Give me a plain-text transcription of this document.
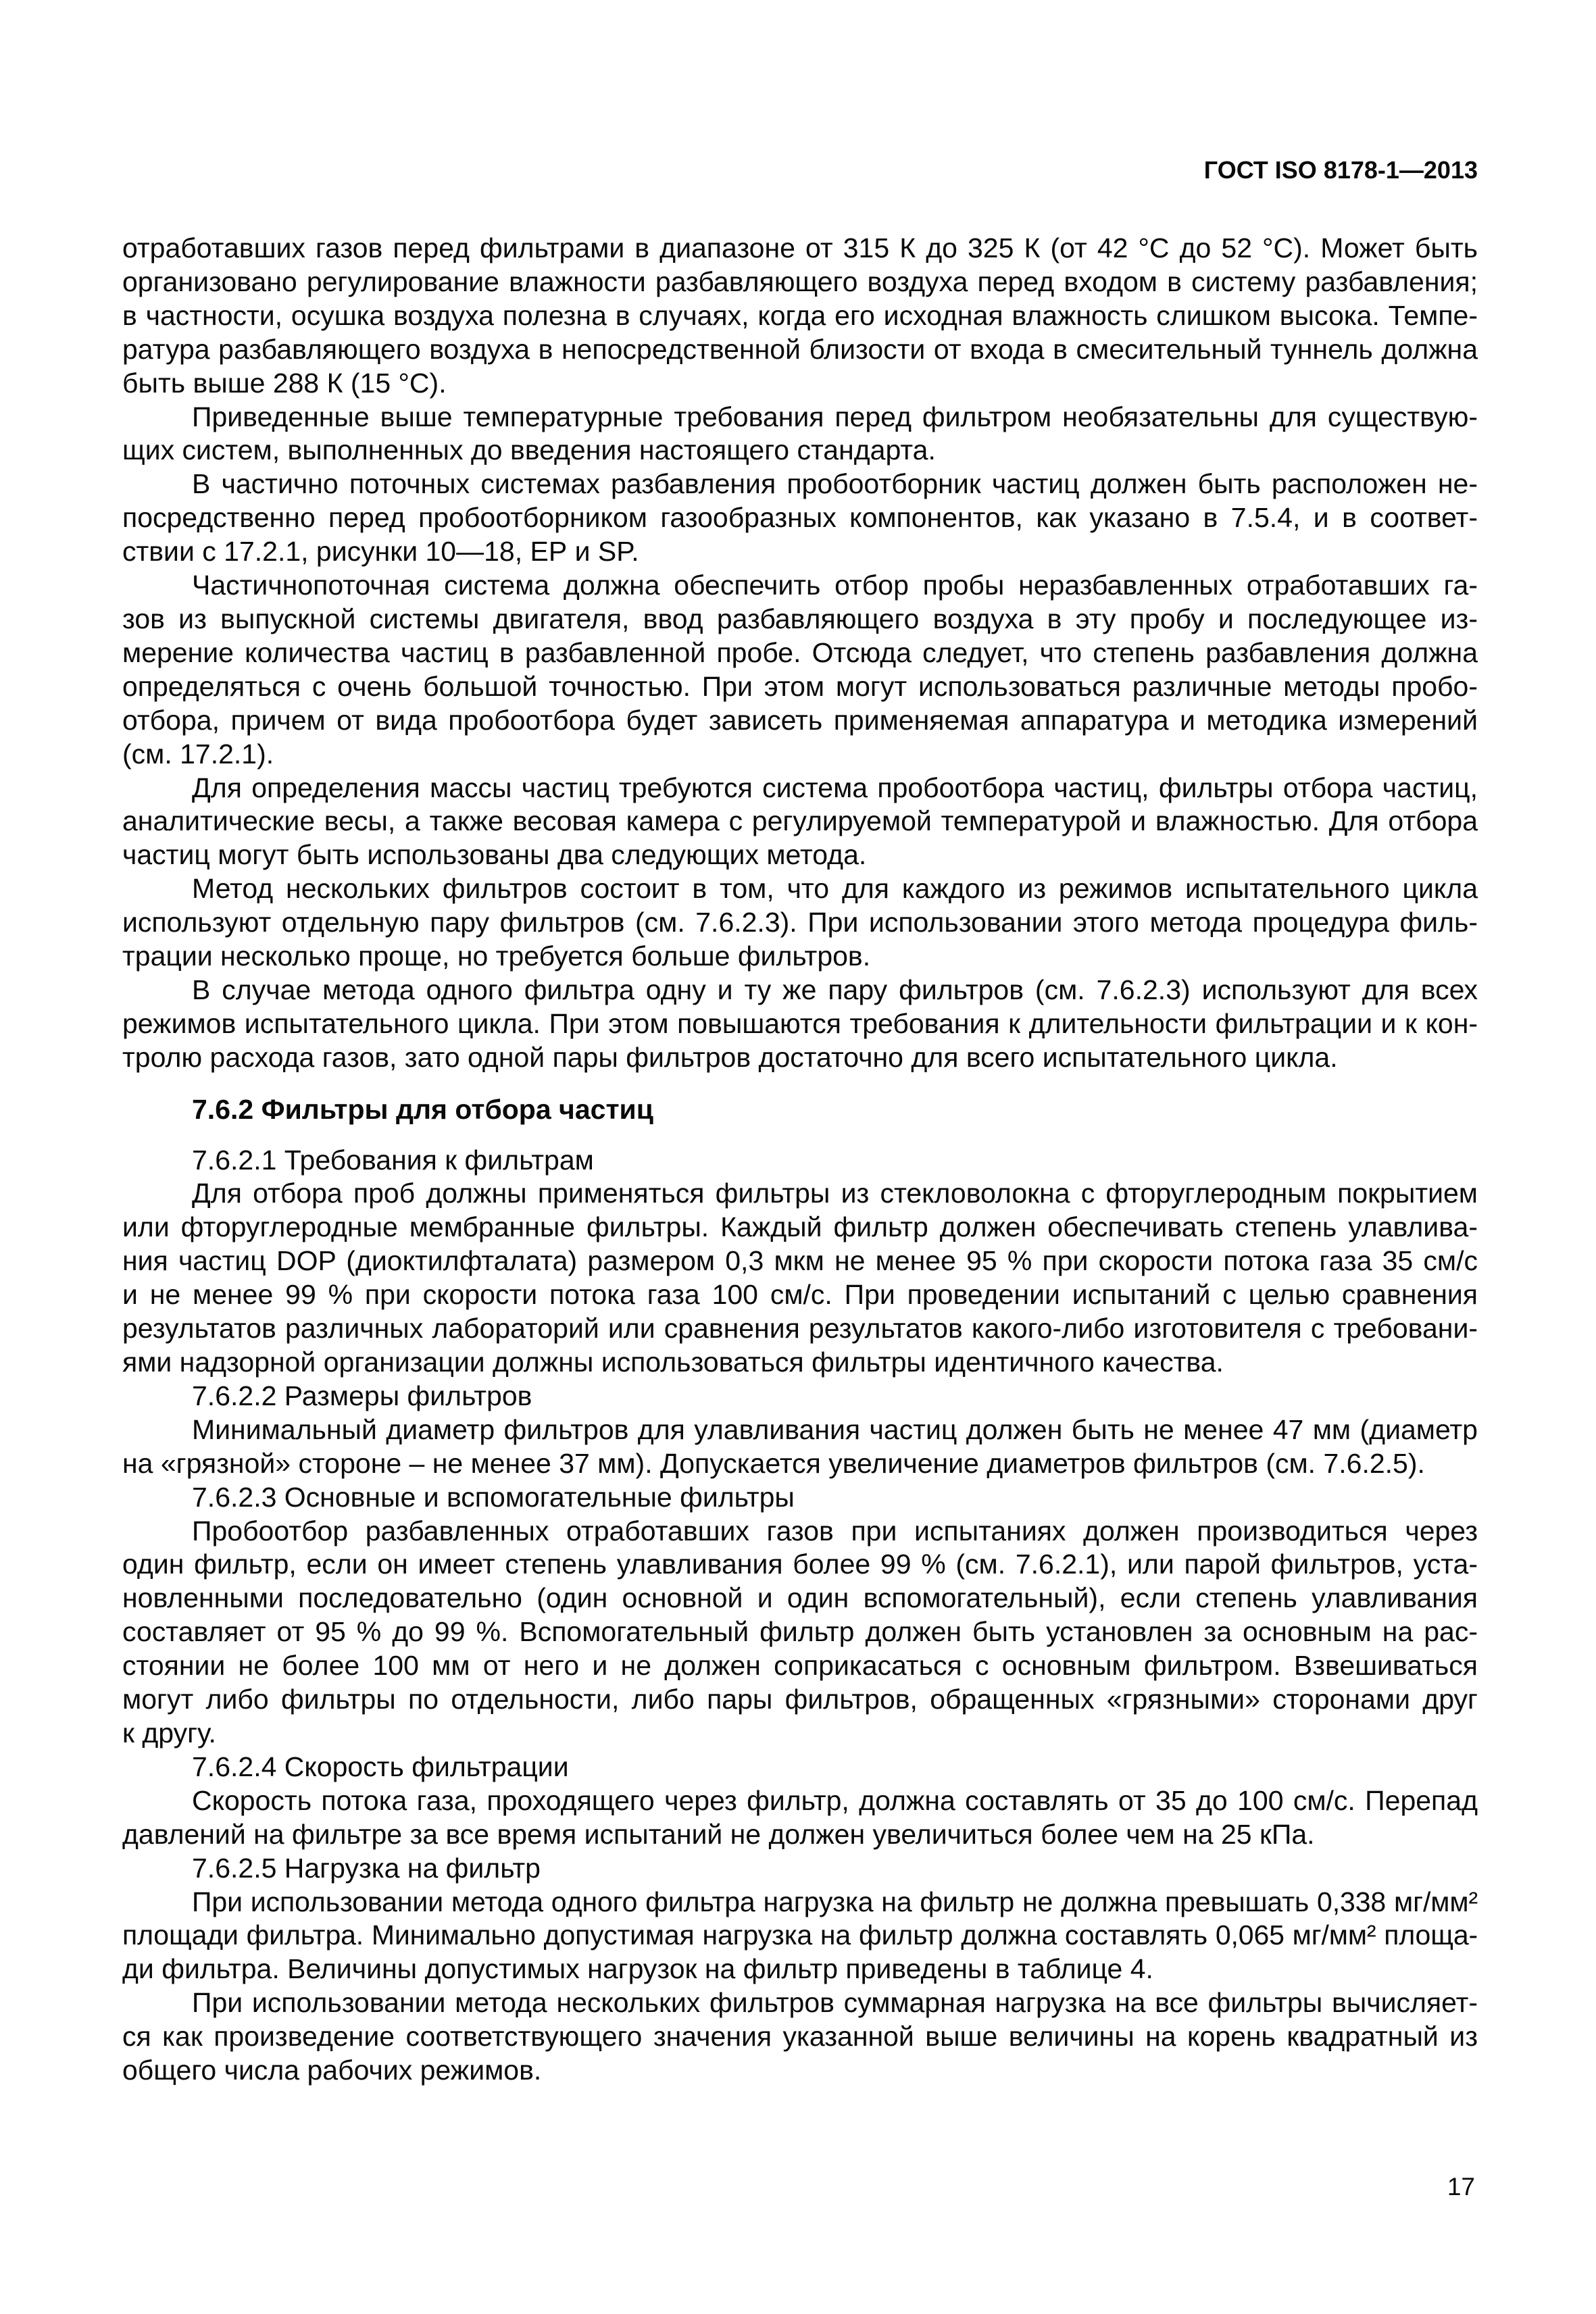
ГОСТ ISO 8178-1—2013
отработавших газов перед фильтрами в диапазоне от 315 К до 325 К (от 42 °С до 52 °С). Может быть
организовано регулирование влажности разбавляющего воздуха перед входом в систему разбавления;
в частности, осушка воздуха полезна в случаях, когда его исходная влажность слишком высока. Темпе-
ратура разбавляющего воздуха в непосредственной близости от входа в смесительный туннель должна
быть выше 288 К (15 °С).
Приведенные выше температурные требования перед фильтром необязательны для существую-
щих систем, выполненных до введения настоящего стандарта.
В частично поточных системах разбавления пробоотборник частиц должен быть расположен не-
посредственно перед пробоотборником газообразных компонентов, как указано в 7.5.4, и в соответ-
ствии с 17.2.1, рисунки 10—18, ЕР и SP.
Частичнопоточная система должна обеспечить отбор пробы неразбавленных отработавших га-
зов из выпускной системы двигателя, ввод разбавляющего воздуха в эту пробу и последующее из-
мерение количества частиц в разбавленной пробе. Отсюда следует, что степень разбавления должна
определяться с очень большой точностью. При этом могут использоваться различные методы пробо-
отбора, причем от вида пробоотбора будет зависеть применяемая аппаратура и методика измерений
(см. 17.2.1).
Для определения массы частиц требуются система пробоотбора частиц, фильтры отбора частиц,
аналитические весы, а также весовая камера с регулируемой температурой и влажностью. Для отбора
частиц могут быть использованы два следующих метода.
Метод нескольких фильтров состоит в том, что для каждого из режимов испытательного цикла
используют отдельную пару фильтров (см. 7.6.2.3). При использовании этого метода процедура филь-
трации несколько проще, но требуется больше фильтров.
В случае метода одного фильтра одну и ту же пару фильтров (см. 7.6.2.3) используют для всех
режимов испытательного цикла. При этом повышаются требования к длительности фильтрации и к кон-
тролю расхода газов, зато одной пары фильтров достаточно для всего испытательного цикла.
7.6.2 Фильтры для отбора частиц
7.6.2.1 Требования к фильтрам
Для отбора проб должны применяться фильтры из стекловолокна с фторуглеродным покрытием
или фторуглеродные мембранные фильтры. Каждый фильтр должен обеспечивать степень улавлива-
ния частиц DOP (диоктилфталата) размером 0,3 мкм не менее 95 % при скорости потока газа 35 см/с
и не менее 99 % при скорости потока газа 100 см/с. При проведении испытаний с целью сравнения
результатов различных лабораторий или сравнения результатов какого-либо изготовителя с требовани-
ями надзорной организации должны использоваться фильтры идентичного качества.
7.6.2.2 Размеры фильтров
Минимальный диаметр фильтров для улавливания частиц должен быть не менее 47 мм (диаметр
на «грязной» стороне – не менее 37 мм). Допускается увеличение диаметров фильтров (см. 7.6.2.5).
7.6.2.3 Основные и вспомогательные фильтры
Пробоотбор разбавленных отработавших газов при испытаниях должен производиться через
один фильтр, если он имеет степень улавливания более 99 % (см. 7.6.2.1), или парой фильтров, уста-
новленными последовательно (один основной и один вспомогательный), если степень улавливания
составляет от 95 % до 99 %. Вспомогательный фильтр должен быть установлен за основным на рас-
стоянии не более 100 мм от него и не должен соприкасаться с основным фильтром. Взвешиваться
могут либо фильтры по отдельности, либо пары фильтров, обращенных «грязными» сторонами друг
к другу.
7.6.2.4 Скорость фильтрации
Скорость потока газа, проходящего через фильтр, должна составлять от 35 до 100 см/с. Перепад
давлений на фильтре за все время испытаний не должен увеличиться более чем на 25 кПа.
7.6.2.5 Нагрузка на фильтр
При использовании метода одного фильтра нагрузка на фильтр не должна превышать 0,338 мг/мм²
площади фильтра. Минимально допустимая нагрузка на фильтр должна составлять 0,065 мг/мм² площа-
ди фильтра. Величины допустимых нагрузок на фильтр приведены в таблице 4.
При использовании метода нескольких фильтров суммарная нагрузка на все фильтры вычисляет-
ся как произведение соответствующего значения указанной выше величины на корень квадратный из
общего числа рабочих режимов.
17
